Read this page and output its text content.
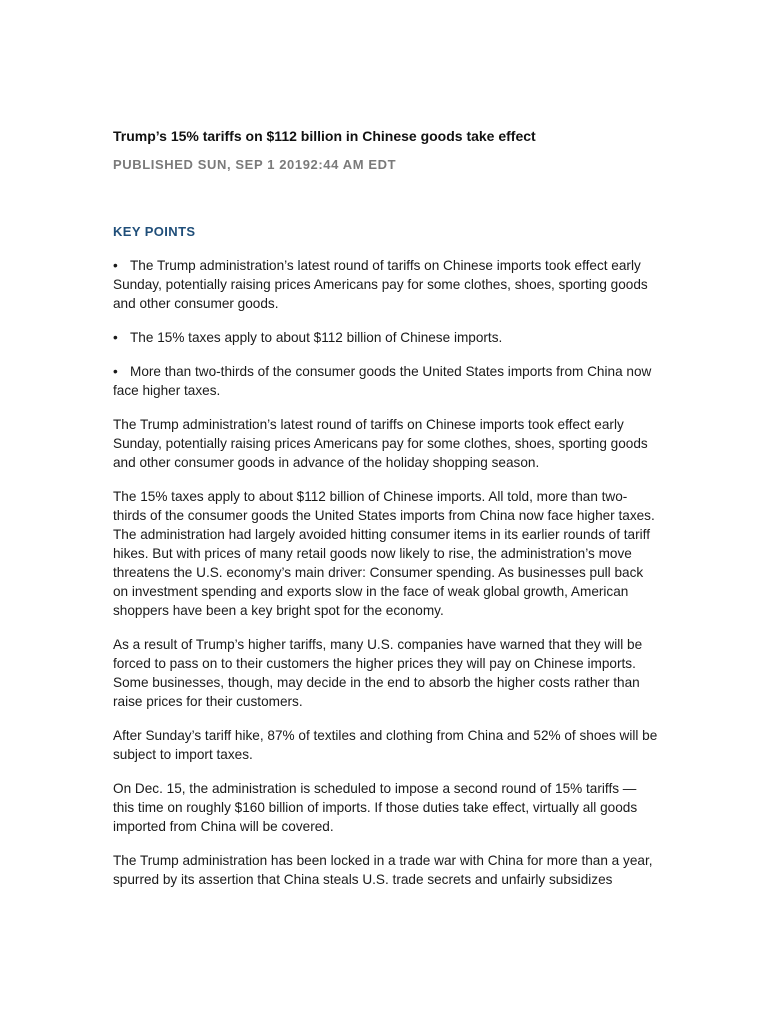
Trump’s 15% tariffs on $112 billion in Chinese goods take effect
PUBLISHED SUN, SEP 1 20192:44 AM EDT
KEY POINTS
• The Trump administration’s latest round of tariffs on Chinese imports took effect early Sunday, potentially raising prices Americans pay for some clothes, shoes, sporting goods and other consumer goods.
• The 15% taxes apply to about $112 billion of Chinese imports.
• More than two-thirds of the consumer goods the United States imports from China now face higher taxes.

The Trump administration’s latest round of tariffs on Chinese imports took effect early Sunday, potentially raising prices Americans pay for some clothes, shoes, sporting goods and other consumer goods in advance of the holiday shopping season.

The 15% taxes apply to about $112 billion of Chinese imports. All told, more than two-thirds of the consumer goods the United States imports from China now face higher taxes. The administration had largely avoided hitting consumer items in its earlier rounds of tariff hikes. But with prices of many retail goods now likely to rise, the administration’s move threatens the U.S. economy’s main driver: Consumer spending. As businesses pull back on investment spending and exports slow in the face of weak global growth, American shoppers have been a key bright spot for the economy.

As a result of Trump’s higher tariffs, many U.S. companies have warned that they will be forced to pass on to their customers the higher prices they will pay on Chinese imports. Some businesses, though, may decide in the end to absorb the higher costs rather than raise prices for their customers.

After Sunday’s tariff hike, 87% of textiles and clothing from China and 52% of shoes will be subject to import taxes.

On Dec. 15, the administration is scheduled to impose a second round of 15% tariffs — this time on roughly $160 billion of imports. If those duties take effect, virtually all goods imported from China will be covered.

The Trump administration has been locked in a trade war with China for more than a year, spurred by its assertion that China steals U.S. trade secrets and unfairly subsidizes
